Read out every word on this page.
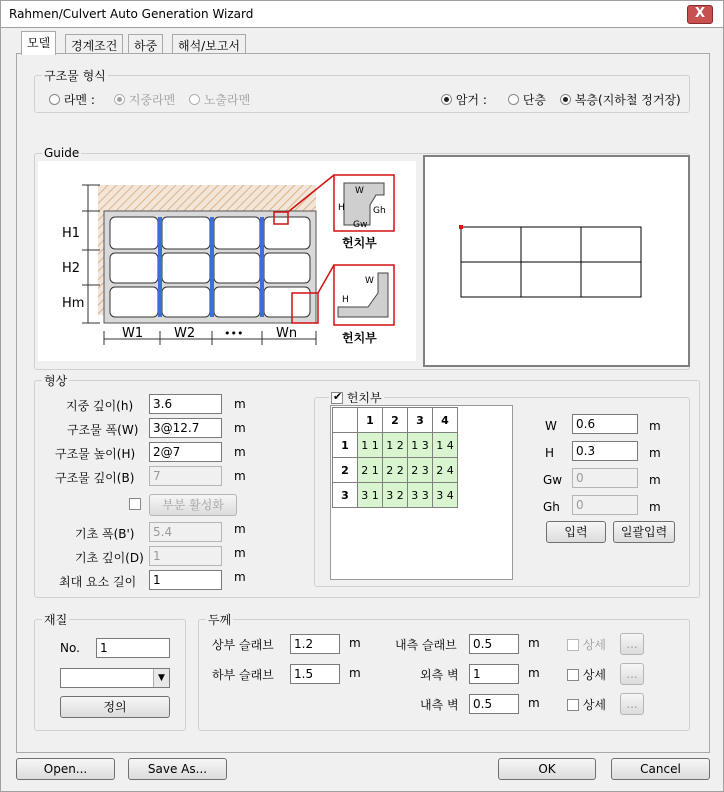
Rahmen/Culvert Auto Generation Wizard	X
모델	경계조건	하중	해석/보고서
구조물 형식
라멘 :	지중라멘	노출라멘	암거 :	단층	복층(지하철 정거장)
Guide
H1
H2
Hm
W1 W2	•••	Wn
W
H	Gh
Gw
헌치부
W
H
헌치부
형상
지중 깊이(h)	3.6	m
구조물 폭(W)	3@12.7	m
구조물 높이(H)	2@7	m
구조물 깊이(B)	7	m
부분 활성화
기초 폭(B')	5.4	m
기초 깊이(D) 1	m
최대 요소 길이	1	m
✔ 헌치부
	1	2	3	4
1	1 1	1 2	1 3	1 4
2	2 1	2 2	2 3	2 4
3	3 1	3 2	3 3	3 4
W	0.6	m
H	0.3	m
Gw	0	m
Gh	0	m
입력	일괄입력
재질
No.	1
▼
정의
두께
상부 슬래브	1.2	m
하부 슬래브	1.5	m
내측 슬래브	0.5	m	상세	...
외측 벽	1	m	상세	...
내측 벽	0.5	m	상세	...
Open...	Save As...	OK	Cancel
